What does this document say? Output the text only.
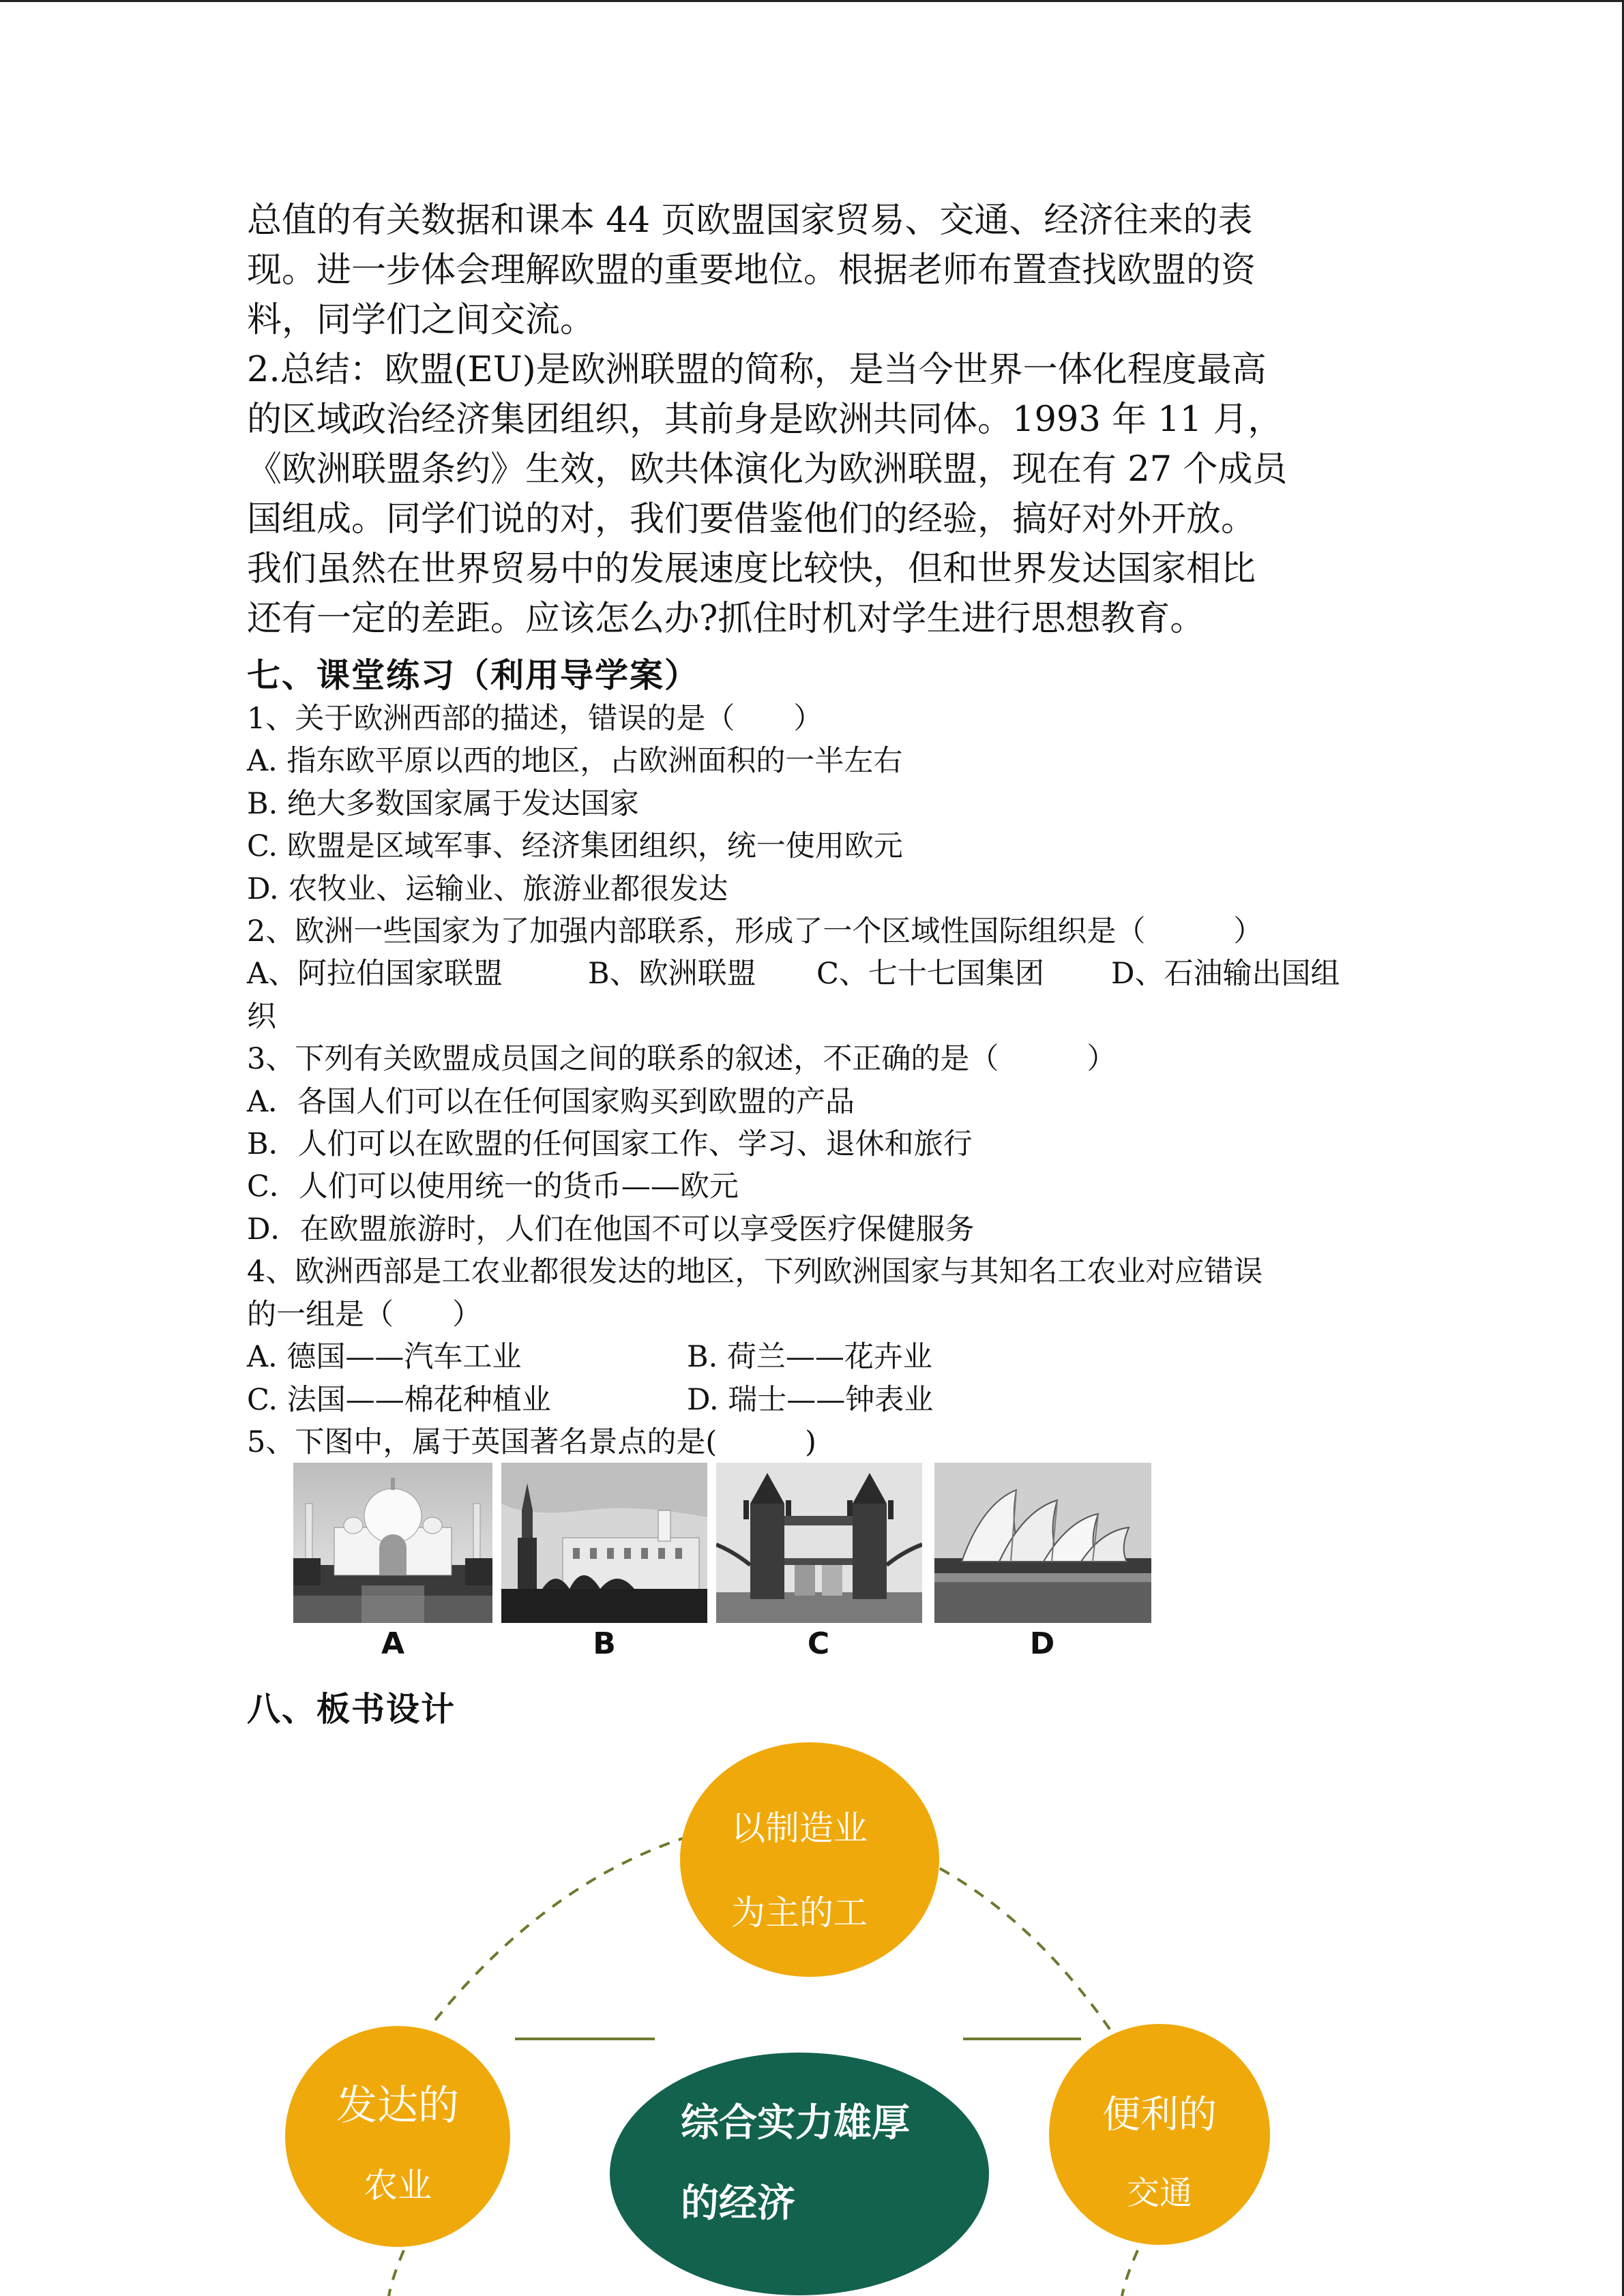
总值的有关数据和课本 44 页欧盟国家贸易、交通、经济往来的表

现。进一步体会理解欧盟的重要地位。根据老师布置查找欧盟的资

料，同学们之间交流。

2.总结：欧盟(EU)是欧洲联盟的简称，是当今世界一体化程度最高

的区域政治经济集团组织，其前身是欧洲共同体。1993 年 11 月，

《欧洲联盟条约》生效，欧共体演化为欧洲联盟，现在有 27 个成员

国组成。同学们说的对，我们要借鉴他们的经验，搞好对外开放。

我们虽然在世界贸易中的发展速度比较快，但和世界发达国家相比

还有一定的差距。应该怎么办?抓住时机对学生进行思想教育。

七、课堂练习（利用导学案）
1、关于欧洲西部的描述，错误的是（　　）
A. 指东欧平原以西的地区，占欧洲面积的一半左右
B. 绝大多数国家属于发达国家
C. 欧盟是区域军事、经济集团组织，统一使用欧元
D. 农牧业、运输业、旅游业都很发达
2、欧洲一些国家为了加强内部联系，形成了一个区域性国际组织是（　　　）
A、阿拉伯国家联盟	B、欧洲联盟	C、七十七国集团	D、石油输出国组
织
3、下列有关欧盟成员国之间的联系的叙述，不正确的是（　　　）
A．各国人们可以在任何国家购买到欧盟的产品
B．人们可以在欧盟的任何国家工作、学习、退休和旅行
C．人们可以使用统一的货币——欧元
D．在欧盟旅游时，人们在他国不可以享受医疗保健服务
4、欧洲西部是工农业都很发达的地区，下列欧洲国家与其知名工农业对应错误
的一组是（　　）
A. 德国——汽车工业	B. 荷兰——花卉业
C. 法国——棉花种植业	D. 瑞士——钟表业
5、下图中，属于英国著名景点的是(　　　)
A	B	C	D
八、板书设计
以制造业
为主的工
发达的
农业
便利的
交通
综合实力雄厚
的经济
